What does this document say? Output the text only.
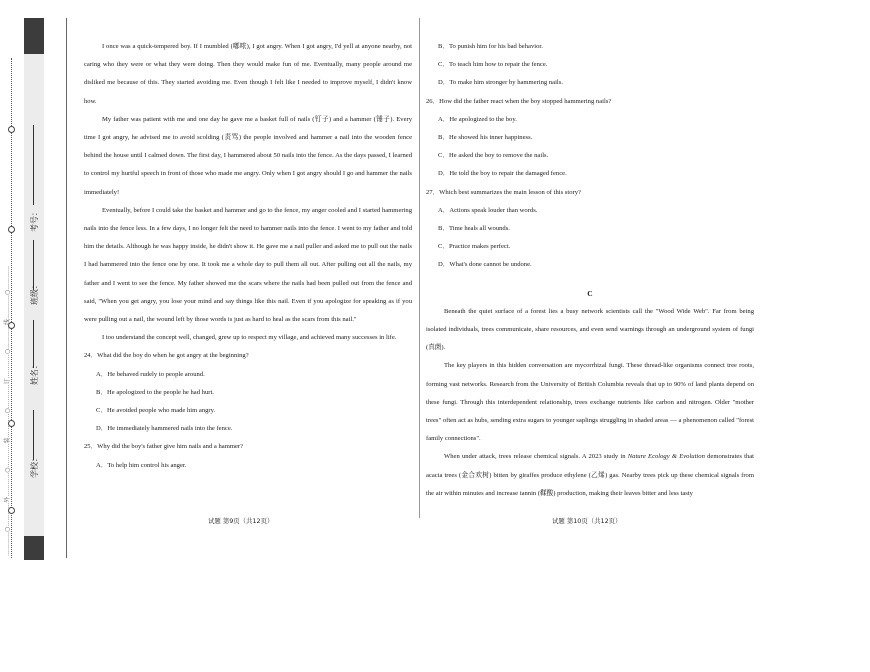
学校：
姓名：
班级：
考号：
…………○…………外…………○…………装…………○…………订…………○…………线…………○…………

I once was a quick-tempered boy. If I mumbled (嘟哝), I got angry. When I got angry, I'd yell at anyone nearby, not caring who they were or what they were doing. Then they would make fun of me. Eventually, many people around me disliked me because of this. They started avoiding me. Even though I felt like I needed to improve myself, I didn't know how.

My father was patient with me and one day he gave me a basket full of nails (钉子) and a hammer (锤子). Every time I got angry, he advised me to avoid scolding (责骂) the people involved and hammer a nail into the wooden fence behind the house until I calmed down. The first day, I hammered about 50 nails into the fence. As the days passed, I learned to control my hurtful speech in front of those who made me angry. Only when I got angry should I go and hammer the nails immediately!

Eventually, before I could take the basket and hammer and go to the fence, my anger cooled and I started hammering nails into the fence less. In a few days, I no longer felt the need to hammer nails into the fence. I went to my father and told him the details. Although he was happy inside, he didn't show it. He gave me a nail puller and asked me to pull out the nails I had hammered into the fence one by one. It took me a whole day to pull them all out. After pulling out all the nails, my father and I went to see the fence. My father showed me the scars where the nails had been pulled out from the fence and said, "When you get angry, you lose your mind and say things like this nail. Even if you apologize for speaking as if you were pulling out a nail, the wound left by those words is just as hard to heal as the scars from this nail."

I too understand the concept well, changed, grew up to respect my village, and achieved many successes in life.

24．What did the boy do when he got angry at the beginning?

A．He behaved rudely to people around.

B．He apologized to the people he had hurt.

C．He avoided people who made him angry.

D．He immediately hammered nails into the fence.

25．Why did the boy's father give him nails and a hammer?

A．To help him control his anger.

试题 第9页（共12页）

B．To punish him for his bad behavior.

C．To teach him how to repair the fence.

D．To make him stronger by hammering nails.

26．How did the father react when the boy stopped hammering nails?

A．He apologized to the boy.

B．He showed his inner happiness.

C．He asked the boy to remove the nails.

D．He told the boy to repair the damaged fence.

27．Which best summarizes the main lesson of this story?

A．Actions speak louder than words.

B．Time heals all wounds.

C．Practice makes perfect.

D．What's done cannot be undone.

C

Beneath the quiet surface of a forest lies a busy network scientists call the "Wood Wide Web". Far from being isolated individuals, trees communicate, share resources, and even send warnings through an underground system of fungi (真菌).

The key players in this hidden conversation are mycorrhizal fungi. These thread-like organisms connect tree roots, forming vast networks. Research from the University of British Columbia reveals that up to 90% of land plants depend on these fungi. Through this interdependent relationship, trees exchange nutrients like carbon and nitrogen. Older "mother trees" often act as hubs, sending extra sugars to younger saplings struggling in shaded areas — a phenomenon called "forest family connections".

When under attack, trees release chemical signals. A 2023 study in Nature Ecology & Evolution demonstrates that acacia trees (金合欢树) bitten by giraffes produce ethylene (乙烯) gas. Nearby trees pick up these chemical signals from the air within minutes and increase tannin (鞣酸) production, making their leaves bitter and less tasty

试题 第10页（共12页）
